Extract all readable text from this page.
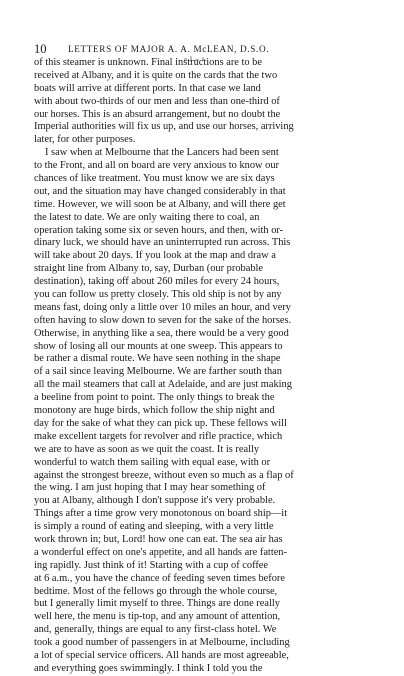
10 LETTERS OF MAJOR A. A. McLEAN, D.S.O.
of this steamer is unknown. Final instructions are to be
received at Albany, and it is quite on the cards that the two
boats will arrive at different ports. In that case we land
with about two-thirds of our men and less than one-third of
our horses. This is an absurd arrangement, but no doubt the
Imperial authorities will fix us up, and use our horses, arriving
later, for other purposes.
I saw when at Melbourne that the Lancers had been sent
to the Front, and all on board are very anxious to know our
chances of like treatment. You must know we are six days
out, and the situation may have changed considerably in that
time. However, we will soon be at Albany, and will there get
the latest to date. We are only waiting there to coal, an
operation taking some six or seven hours, and then, with or-
dinary luck, we should have an uninterrupted run across. This
will take about 20 days. If you look at the map and draw a
straight line from Albany to, say, Durban (our probable
destination), taking off about 260 miles for every 24 hours,
you can follow us pretty closely. This old ship is not by any
means fast, doing only a little over 10 miles an hour, and very
often having to slow down to seven for the sake of the horses.
Otherwise, in anything like a sea, there would be a very good
show of losing all our mounts at one sweep. This appears to
be rather a dismal route. We have seen nothing in the shape
of a sail since leaving Melbourne. We are farther south than
all the mail steamers that call at Adelaide, and are just making
a beeline from point to point. The only things to break the
monotony are huge birds, which follow the ship night and
day for the sake of what they can pick up. These fellows will
make excellent targets for revolver and rifle practice, which
we are to have as soon as we quit the coast. It is really
wonderful to watch them sailing with equal ease, with or
against the strongest breeze, without even so much as a flap of
the wing. I am just hoping that I may hear something of
you at Albany, although I don't suppose it's very probable.
Things after a time grow very monotonous on board ship—it
is simply a round of eating and sleeping, with a very little
work thrown in; but, Lord! how one can eat. The sea air has
a wonderful effect on one's appetite, and all hands are fatten-
ing rapidly. Just think of it! Starting with a cup of coffee
at 6 a.m., you have the chance of feeding seven times before
bedtime. Most of the fellows go through the whole course,
but I generally limit myself to three. Things are done really
well here, the menu is tip-top, and any amount of attention,
and, generally, things are equal to any first-class hotel. We
took a good number of passengers in at Melbourne, including
a lot of special service officers. All hands are most agreeable,
and everything goes swimmingly. I think I told you the
